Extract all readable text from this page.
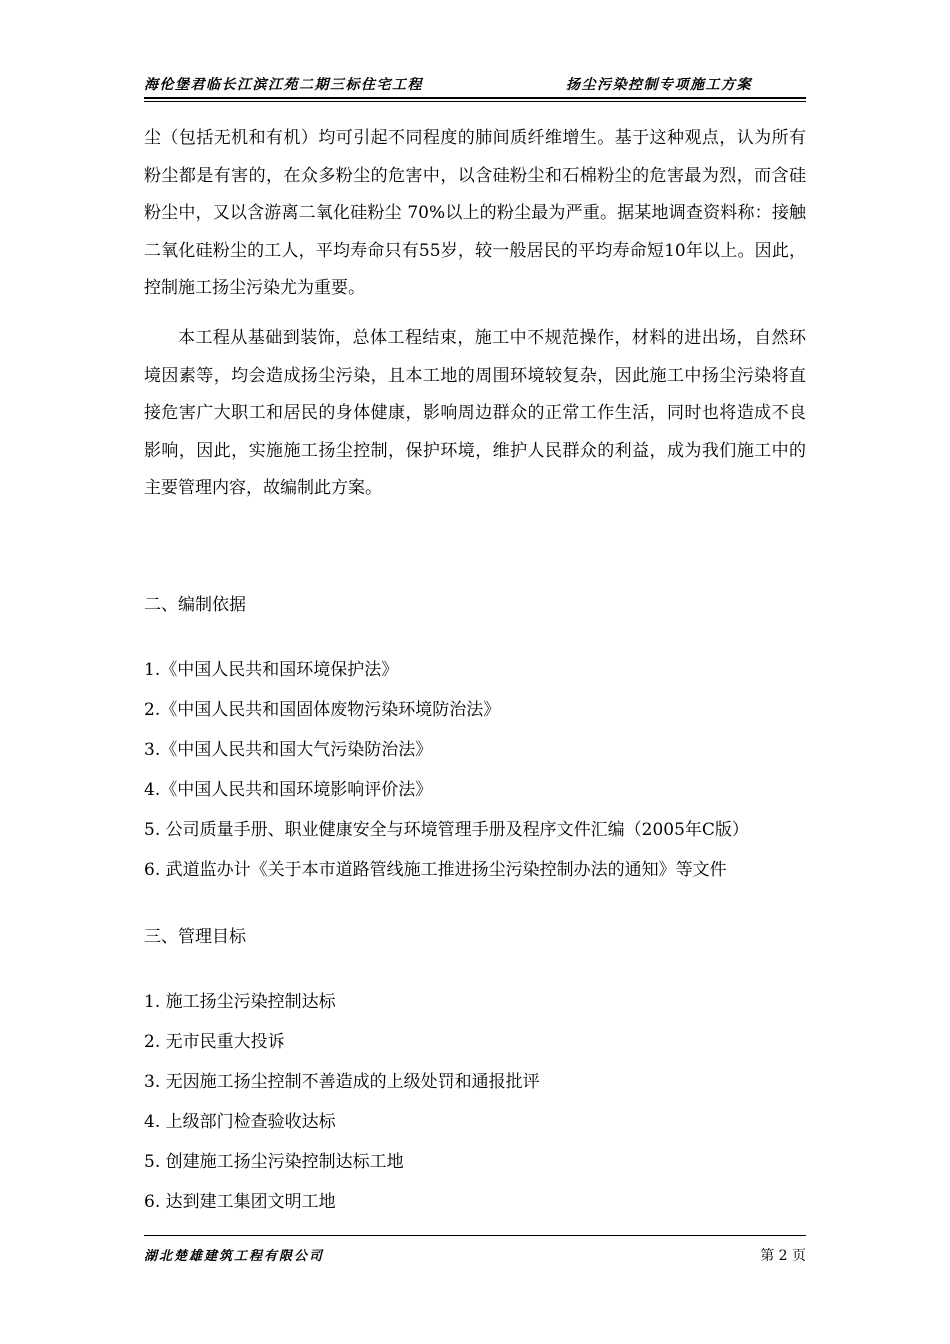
海伦堡君临长江滨江苑二期三标住宅工程	扬尘污染控制专项施工方案

尘（包括无机和有机）均可引起不同程度的肺间质纤维增生。基于这种观点，认为所有粉尘都是有害的，在众多粉尘的危害中，以含硅粉尘和石棉粉尘的危害最为烈，而含硅粉尘中，又以含游离二氧化硅粉尘 70%以上的粉尘最为严重。据某地调查资料称：接触二氧化硅粉尘的工人，平均寿命只有55岁，较一般居民的平均寿命短10年以上。因此，控制施工扬尘污染尤为重要。

本工程从基础到装饰，总体工程结束，施工中不规范操作，材料的进出场，自然环境因素等，均会造成扬尘污染，且本工地的周围环境较复杂，因此施工中扬尘污染将直接危害广大职工和居民的身体健康，影响周边群众的正常工作生活，同时也将造成不良影响，因此，实施施工扬尘控制，保护环境，维护人民群众的利益，成为我们施工中的主要管理内容，故编制此方案。

二、编制依据
1.《中国人民共和国环境保护法》
2.《中国人民共和国固体废物污染环境防治法》
3.《中国人民共和国大气污染防治法》
4.《中国人民共和国环境影响评价法》
5. 公司质量手册、职业健康安全与环境管理手册及程序文件汇编（2005年C版）
6. 武道监办计《关于本市道路管线施工推进扬尘污染控制办法的通知》等文件
三、管理目标
1. 施工扬尘污染控制达标
2. 无市民重大投诉
3. 无因施工扬尘控制不善造成的上级处罚和通报批评
4. 上级部门检查验收达标
5. 创建施工扬尘污染控制达标工地
6. 达到建工集团文明工地
湖北楚雄建筑工程有限公司	第 2 页
